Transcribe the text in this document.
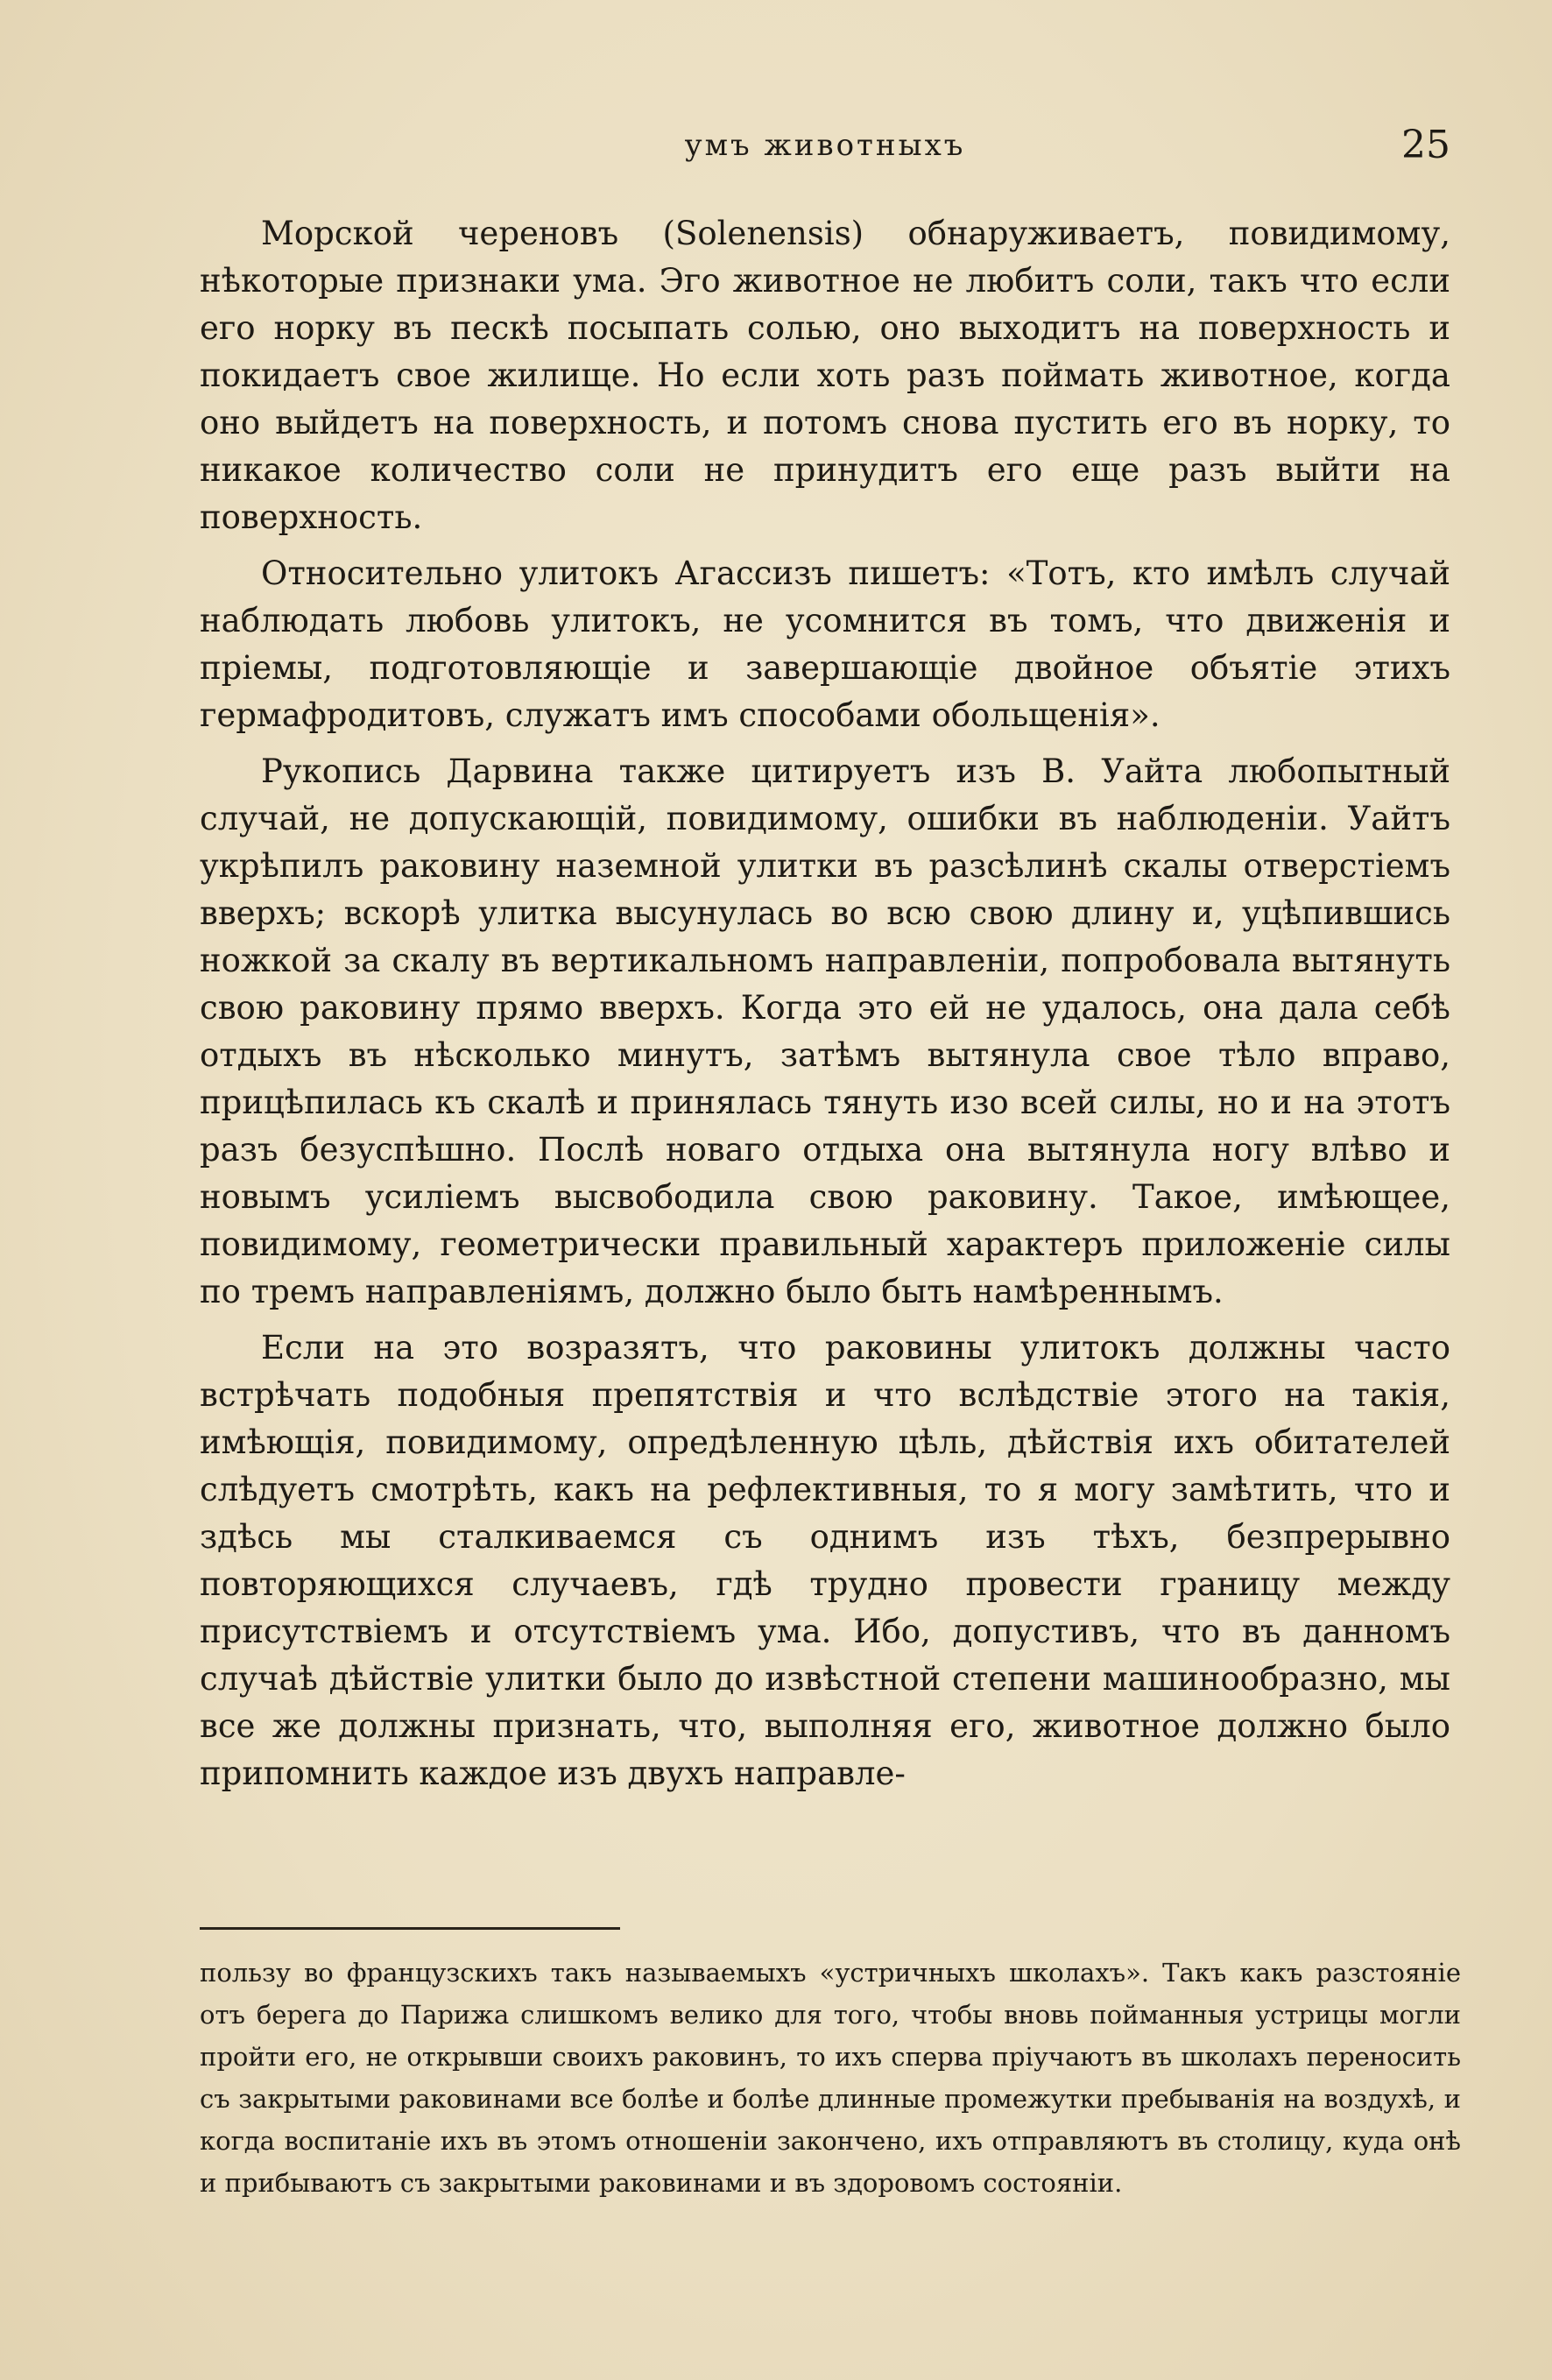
умъ животныхъ	25

Морской череновъ (Solenensis) обнаруживаетъ, повидимому, нѣкоторые признаки ума. Эго животное не любитъ соли, такъ что если его норку въ пескѣ посыпать солью, оно выходитъ на поверхность и покидаетъ свое жилище. Но если хоть разъ поймать животное, когда оно выйдетъ на поверхность, и потомъ снова пустить его въ норку, то никакое количество соли не принудитъ его еще разъ выйти на поверхность.

Относительно улитокъ Агассизъ пишетъ: «Тотъ, кто имѣлъ случай наблюдать любовь улитокъ, не усомнится въ томъ, что движенія и пріемы, подготовляющіе и завершающіе двойное объятіе этихъ гермафродитовъ, служатъ имъ способами обольщенія».

Рукопись Дарвина также цитируетъ изъ В. Уайта любопытный случай, не допускающій, повидимому, ошибки въ наблюденіи. Уайтъ укрѣпилъ раковину наземной улитки въ разсѣлинѣ скалы отверстіемъ вверхъ; вскорѣ улитка высунулась во всю свою длину и, уцѣпившись ножкой за скалу въ вертикальномъ направленіи, попробовала вытянуть свою раковину прямо вверхъ. Когда это ей не удалось, она дала себѣ отдыхъ въ нѣсколько минутъ, затѣмъ вытянула свое тѣло вправо, прицѣпилась къ скалѣ и принялась тянуть изо всей силы, но и на этотъ разъ безуспѣшно. Послѣ новаго отдыха она вытянула ногу влѣво и новымъ усиліемъ высвободила свою раковину. Такое, имѣющее, повидимому, геометрически правильный характеръ приложеніе силы по тремъ направленіямъ, должно было быть намѣреннымъ.

Если на это возразятъ, что раковины улитокъ должны часто встрѣчать подобныя препятствія и что вслѣдствіе этого на такія, имѣющія, повидимому, опредѣленную цѣль, дѣйствія ихъ обитателей слѣдуетъ смотрѣть, какъ на рефлективныя, то я могу замѣтить, что и здѣсь мы сталкиваемся съ однимъ изъ тѣхъ, безпрерывно повторяющихся случаевъ, гдѣ трудно провести границу между присутствіемъ и отсутствіемъ ума. Ибо, допустивъ, что въ данномъ случаѣ дѣйствіе улитки было до извѣстной степени машинообразно, мы все же должны признать, что, выполняя его, животное должно было припомнить каждое изъ двухъ направле-

пользу во французскихъ такъ называемыхъ «устричныхъ школахъ». Такъ какъ разстояніе отъ берега до Парижа слишкомъ велико для того, чтобы вновь пойманныя устрицы могли пройти его, не открывши своихъ раковинъ, то ихъ сперва пріучаютъ въ школахъ переносить съ закрытыми раковинами все болѣе и болѣе длинные промежутки пребыванія на воздухѣ, и когда воспитаніе ихъ въ этомъ отношеніи закончено, ихъ отправляютъ въ столицу, куда онѣ и прибываютъ съ закрытыми раковинами и въ здоровомъ состояніи.
